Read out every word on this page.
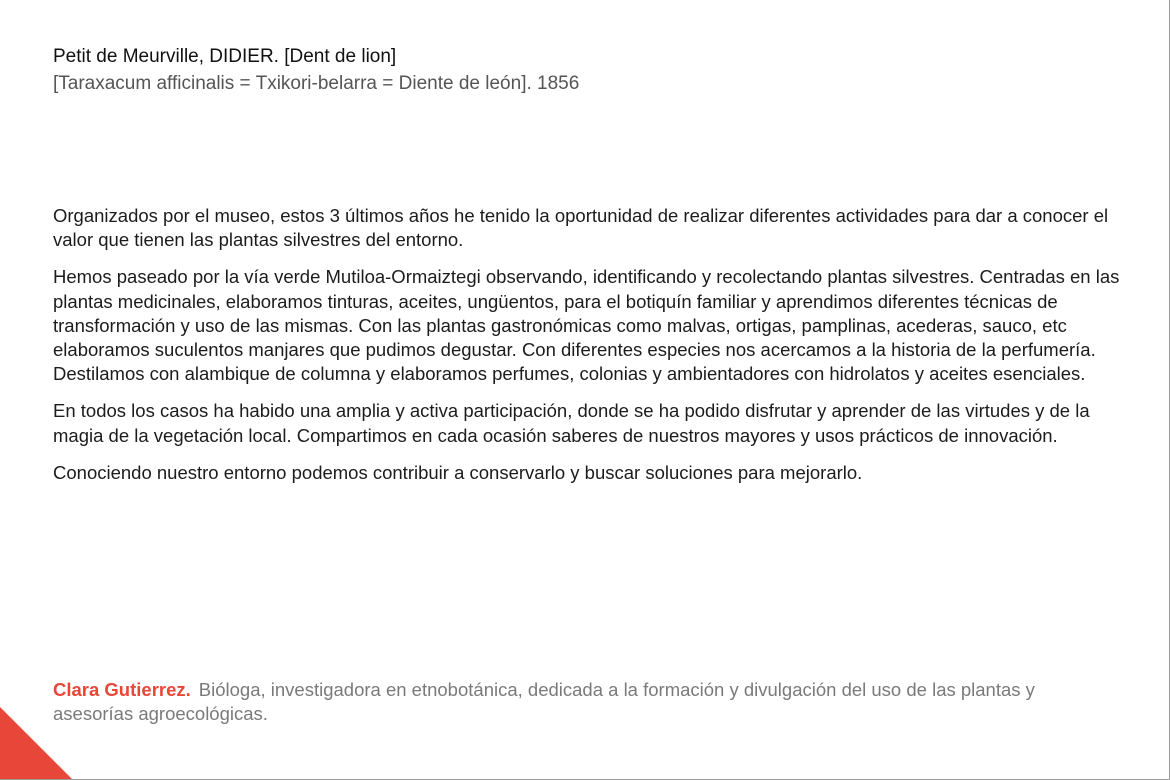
Petit de Meurville, DIDIER. [Dent de lion]

[Taraxacum afficinalis = Txikori-belarra = Diente de león]. 1856

Organizados por el museo, estos 3 últimos años he tenido la oportunidad de realizar diferentes actividades para dar a conocer el valor que tienen las plantas silvestres del entorno.

Hemos paseado por la vía verde Mutiloa-Ormaiztegi observando, identificando y recolectando plantas silvestres. Centradas en las plantas medicinales, elaboramos tinturas, aceites, ungüentos, para el botiquín familiar y aprendimos diferentes técnicas de transformación y uso de las mismas. Con las plantas gastronómicas como malvas, ortigas, pamplinas, acederas, sauco, etc elaboramos suculentos manjares que pudimos degustar. Con diferentes especies nos acercamos a la historia de la perfumería. Destilamos con alambique de columna y elaboramos perfumes, colonias y ambientadores con hidrolatos y aceites esenciales.

En todos los casos ha habido una amplia y activa participación, donde se ha podido disfrutar y aprender de las virtudes y de la magia de la vegetación local. Compartimos en cada ocasión saberes de nuestros mayores y usos prácticos de innovación.

Conociendo nuestro entorno podemos contribuir a conservarlo y buscar soluciones para mejorarlo.

Clara Gutierrez. Bióloga, investigadora en etnobotánica, dedicada a la formación y divulgación del uso de las plantas y asesorías agroecológicas.
